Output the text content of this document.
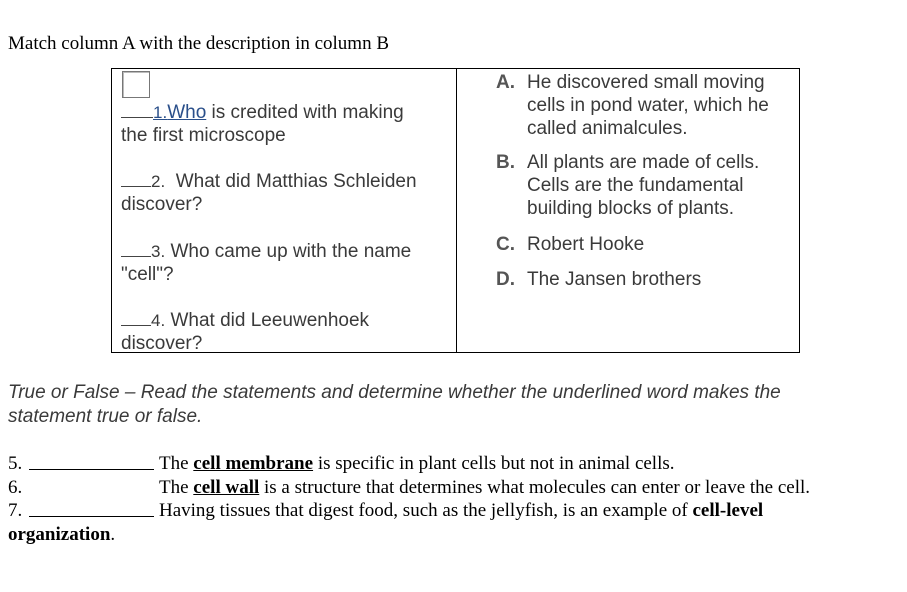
Match column A with the description in column B
1.Who is credited with making
the first microscope
2.  What did Matthias Schleiden
discover?
3. Who came up with the name
"cell"?
4. What did Leeuwenhoek
discover?
A. He discovered small moving
cells in pond water, which he
called animalcules.
B. All plants are made of cells.
Cells are the fundamental
building blocks of plants.
C. Robert Hooke
D. The Jansen brothers
True or False – Read the statements and determine whether the underlined word makes the statement true or false.
5.	The cell membrane is specific in plant cells but not in animal cells.
6.	The cell wall is a structure that determines what molecules can enter or leave the cell.
7.	Having tissues that digest food, such as the jellyfish, is an example of cell-level
organization.
